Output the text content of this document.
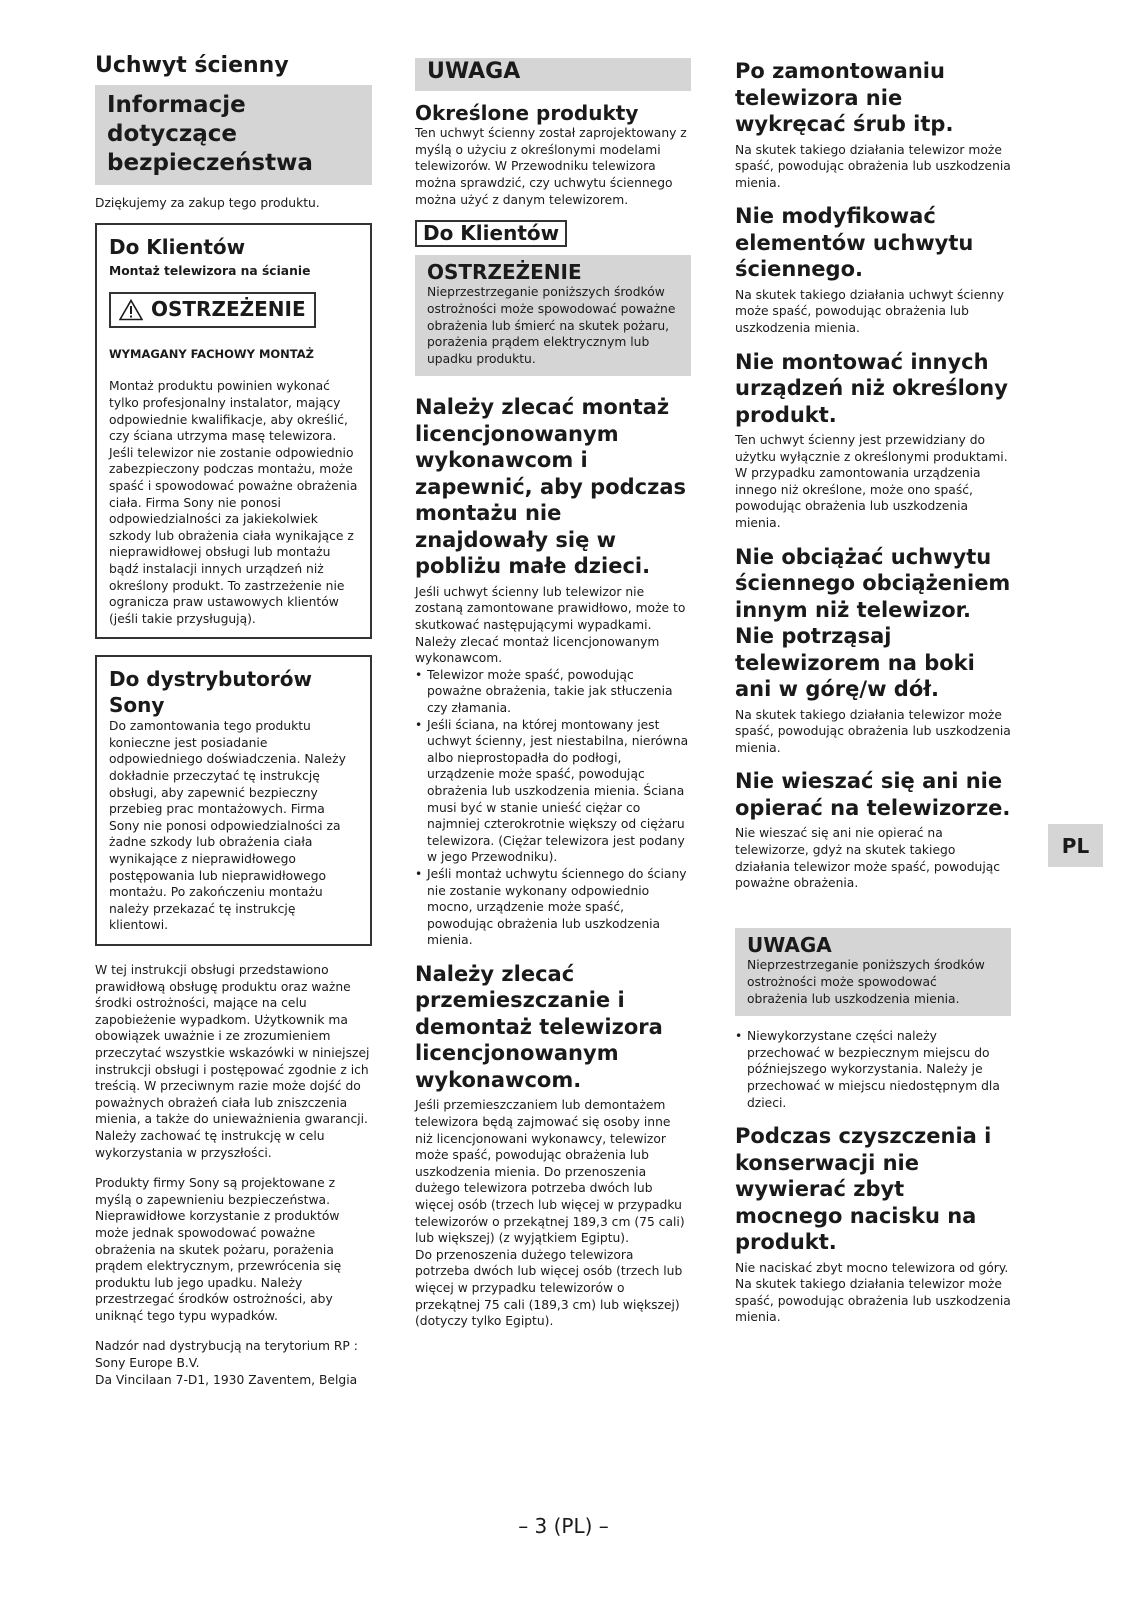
Uchwyt ścienny
Informacje dotyczące bezpieczeństwa

Dziękujemy za zakup tego produktu.

Do Klientów
Montaż telewizora na ścianie
OSTRZEŻENIE

WYMAGANY FACHOWY MONTAŻ

Montaż produktu powinien wykonać tylko profesjonalny instalator, mający odpowiednie kwalifikacje, aby określić, czy ściana utrzyma masę telewizora. Jeśli telewizor nie zostanie odpowiednio zabezpieczony podczas montażu, może spaść i spowodować poważne obrażenia ciała. Firma Sony nie ponosi odpowiedzialności za jakiekolwiek szkody lub obrażenia ciała wynikające z nieprawidłowej obsługi lub montażu bądź instalacji innych urządzeń niż określony produkt. To zastrzeżenie nie ogranicza praw ustawowych klientów (jeśli takie przysługują).

Do dystrybutorów Sony

Do zamontowania tego produktu konieczne jest posiadanie odpowiedniego doświadczenia. Należy dokładnie przeczytać tę instrukcję obsługi, aby zapewnić bezpieczny przebieg prac montażowych. Firma Sony nie ponosi odpowiedzialności za żadne szkody lub obrażenia ciała wynikające z nieprawidłowego postępowania lub nieprawidłowego montażu. Po zakończeniu montażu należy przekazać tę instrukcję klientowi.

W tej instrukcji obsługi przedstawiono prawidłową obsługę produktu oraz ważne środki ostrożności, mające na celu zapobieżenie wypadkom. Użytkownik ma obowiązek uważnie i ze zrozumieniem przeczytać wszystkie wskazówki w niniejszej instrukcji obsługi i postępować zgodnie z ich treścią. W przeciwnym razie może dojść do poważnych obrażeń ciała lub zniszczenia mienia, a także do unieważnienia gwarancji. Należy zachować tę instrukcję w celu wykorzystania w przyszłości.

Produkty firmy Sony są projektowane z myślą o zapewnieniu bezpieczeństwa. Nieprawidłowe korzystanie z produktów może jednak spowodować poważne obrażenia na skutek pożaru, porażenia prądem elektrycznym, przewrócenia się produktu lub jego upadku. Należy przestrzegać środków ostrożności, aby uniknąć tego typu wypadków.

Nadzór nad dystrybucją na terytorium RP :

Sony Europe B.V.

Da Vincilaan 7-D1, 1930 Zaventem, Belgia

UWAGA
Określone produkty

Ten uchwyt ścienny został zaprojektowany z myślą o użyciu z określonymi modelami telewizorów. W Przewodniku telewizora można sprawdzić, czy uchwytu ściennego można użyć z danym telewizorem.

Do Klientów
OSTRZEŻENIE

Nieprzestrzeganie poniższych środków ostrożności może spowodować poważne obrażenia lub śmierć na skutek pożaru, porażenia prądem elektrycznym lub upadku produktu.

Należy zlecać montaż licencjonowanym wykonawcom i zapewnić, aby podczas montażu nie znajdowały się w pobliżu małe dzieci.

Jeśli uchwyt ścienny lub telewizor nie zostaną zamontowane prawidłowo, może to skutkować następującymi wypadkami. Należy zlecać montaż licencjonowanym wykonawcom.

• Telewizor może spaść, powodując poważne obrażenia, takie jak stłuczenia czy złamania.
• Jeśli ściana, na której montowany jest uchwyt ścienny, jest niestabilna, nierówna albo nieprostopadła do podłogi, urządzenie może spaść, powodując obrażenia lub uszkodzenia mienia. Ściana musi być w stanie unieść ciężar co najmniej czterokrotnie większy od ciężaru telewizora. (Ciężar telewizora jest podany w jego Przewodniku).
• Jeśli montaż uchwytu ściennego do ściany nie zostanie wykonany odpowiednio mocno, urządzenie może spaść, powodując obrażenia lub uszkodzenia mienia.
Należy zlecać przemieszczanie i demontaż telewizora licencjonowanym wykonawcom.

Jeśli przemieszczaniem lub demontażem telewizora będą zajmować się osoby inne niż licencjonowani wykonawcy, telewizor może spaść, powodując obrażenia lub uszkodzenia mienia. Do przenoszenia dużego telewizora potrzeba dwóch lub więcej osób (trzech lub więcej w przypadku telewizorów o przekątnej 189,3 cm (75 cali) lub większej) (z wyjątkiem Egiptu).

Do przenoszenia dużego telewizora potrzeba dwóch lub więcej osób (trzech lub więcej w przypadku telewizorów o przekątnej 75 cali (189,3 cm) lub większej) (dotyczy tylko Egiptu).

Po zamontowaniu telewizora nie wykręcać śrub itp.

Na skutek takiego działania telewizor może spaść, powodując obrażenia lub uszkodzenia mienia.

Nie modyfikować elementów uchwytu ściennego.

Na skutek takiego działania uchwyt ścienny może spaść, powodując obrażenia lub uszkodzenia mienia.

Nie montować innych urządzeń niż określony produkt.

Ten uchwyt ścienny jest przewidziany do użytku wyłącznie z określonymi produktami. W przypadku zamontowania urządzenia innego niż określone, może ono spaść, powodując obrażenia lub uszkodzenia mienia.

Nie obciążać uchwytu ściennego obciążeniem innym niż telewizor. Nie potrząsaj telewizorem na boki ani w górę/w dół.

Na skutek takiego działania telewizor może spaść, powodując obrażenia lub uszkodzenia mienia.

Nie wieszać się ani nie opierać na telewizorze.

Nie wieszać się ani nie opierać na telewizorze, gdyż na skutek takiego działania telewizor może spaść, powodując poważne obrażenia.

UWAGA

Nieprzestrzeganie poniższych środków ostrożności może spowodować obrażenia lub uszkodzenia mienia.

• Niewykorzystane części należy przechować w bezpiecznym miejscu do późniejszego wykorzystania. Należy je przechować w miejscu niedostępnym dla dzieci.
Podczas czyszczenia i konserwacji nie wywierać zbyt mocnego nacisku na produkt.

Nie naciskać zbyt mocno telewizora od góry. Na skutek takiego działania telewizor może spaść, powodując obrażenia lub uszkodzenia mienia.

PL
– 3 (PL) –
